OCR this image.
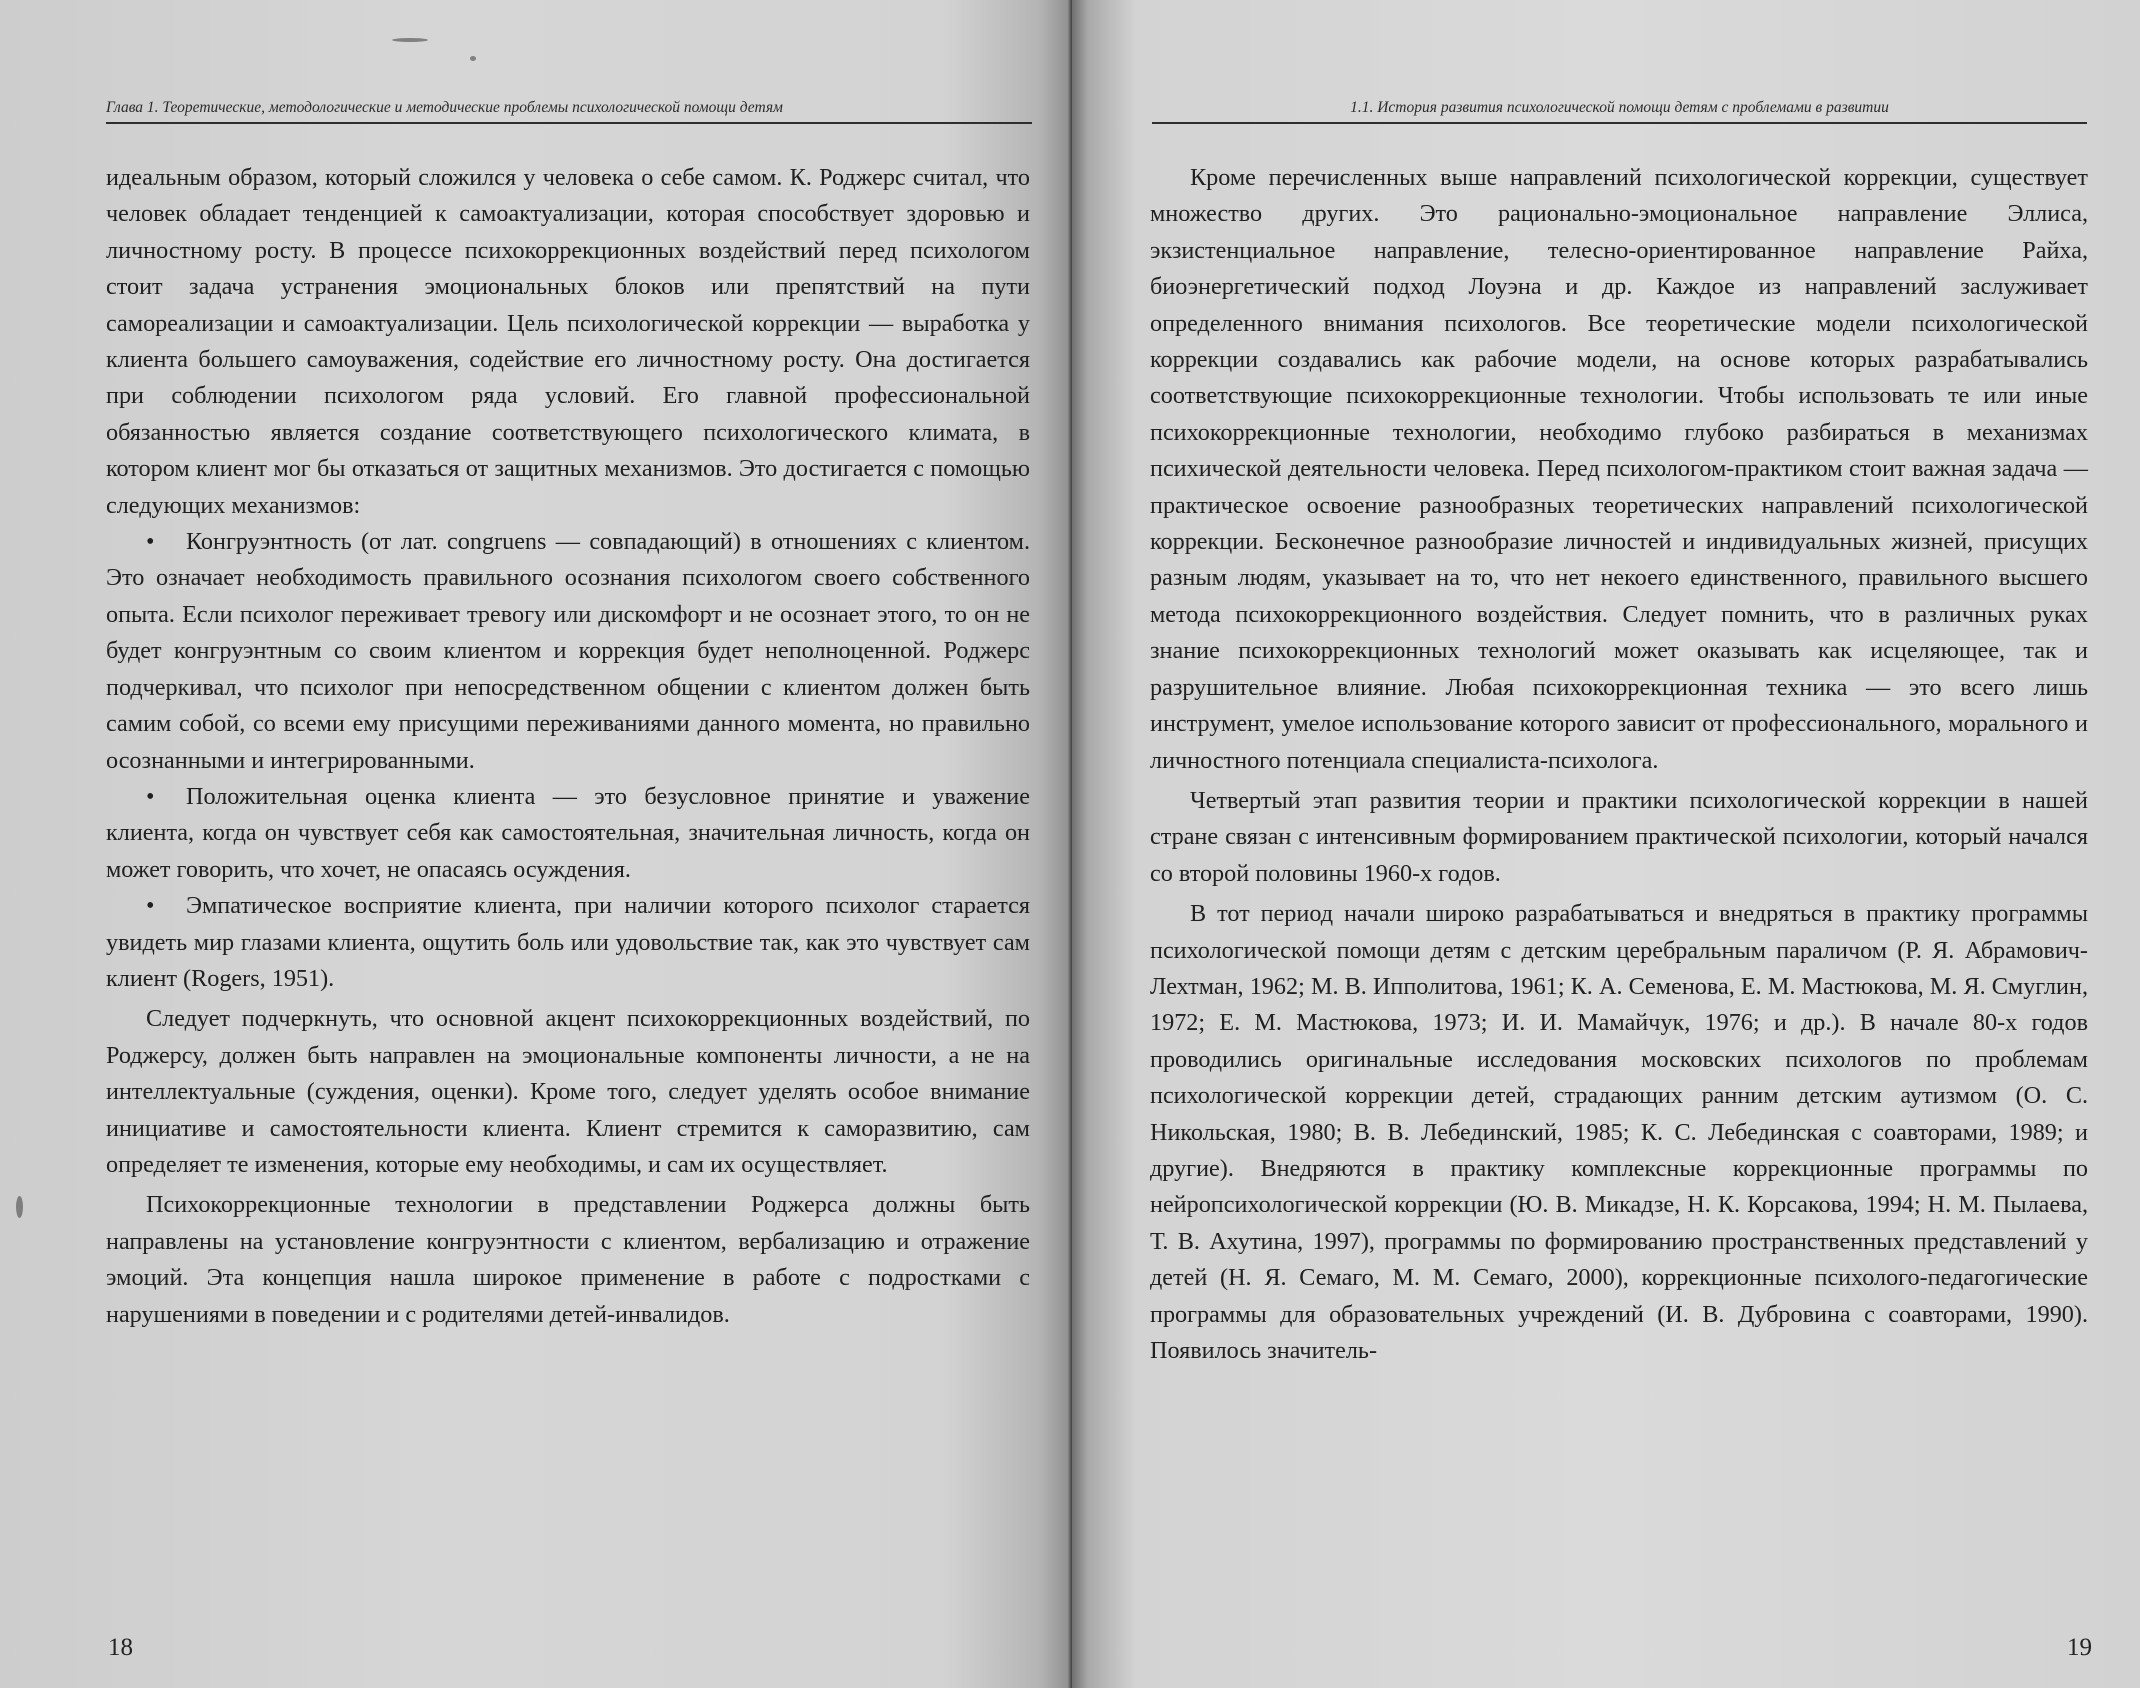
Глава 1. Теоретические, методологические и методические проблемы психологической помощи детям

идеальным образом, который сложился у человека о себе самом. К. Роджерс считал, что человек обладает тенденцией к самоактуализации, которая способствует здоровью и личностному росту. В процессе психокоррекционных воздействий перед психологом стоит задача устранения эмоциональных блоков или препятствий на пути самореализации и самоактуализации. Цель психологической коррекции — выработка у клиента большего самоуважения, содействие его личностному росту. Она достигается при соблюдении психологом ряда условий. Его главной профессиональной обязанностью является создание соответствующего психологического климата, в котором клиент мог бы отказаться от защитных механизмов. Это достигается с помощью следующих механизмов:

• Конгруэнтность (от лат. congruens — совпадающий) в отношениях с клиентом. Это означает необходимость правильного осознания психологом своего собственного опыта. Если психолог переживает тревогу или дискомфорт и не осознает этого, то он не будет конгруэнтным со своим клиентом и коррекция будет неполноценной. Роджерс подчеркивал, что психолог при непосредственном общении с клиентом должен быть самим собой, со всеми ему присущими переживаниями данного момента, но правильно осознанными и интегрированными.

• Положительная оценка клиента — это безусловное принятие и уважение клиента, когда он чувствует себя как самостоятельная, значительная личность, когда он может говорить, что хочет, не опасаясь осуждения.

• Эмпатическое восприятие клиента, при наличии которого психолог старается увидеть мир глазами клиента, ощутить боль или удовольствие так, как это чувствует сам клиент (Rogers, 1951).

Следует подчеркнуть, что основной акцент психокоррекционных воздействий, по Роджерсу, должен быть направлен на эмоциональные компоненты личности, а не на интеллектуальные (суждения, оценки). Кроме того, следует уделять особое внимание инициативе и самостоятельности клиента. Клиент стремится к саморазвитию, сам определяет те изменения, которые ему необходимы, и сам их осуществляет.

Психокоррекционные технологии в представлении Роджерса должны быть направлены на установление конгруэнтности с клиентом, вербализацию и отражение эмоций. Эта концепция нашла широкое применение в работе с подростками с нарушениями в поведении и с родителями детей-инвалидов.

18
1.1. История развития психологической помощи детям с проблемами в развитии

Кроме перечисленных выше направлений психологической коррекции, существует множество других. Это рационально-эмоциональное направление Эллиса, экзистенциальное направление, телесно-ориентированное направление Райха, биоэнергетический подход Лоуэна и др. Каждое из направлений заслуживает определенного внимания психологов. Все теоретические модели психологической коррекции создавались как рабочие модели, на основе которых разрабатывались соответствующие психокоррекционные технологии. Чтобы использовать те или иные психокоррекционные технологии, необходимо глубоко разбираться в механизмах психической деятельности человека. Перед психологом-практиком стоит важная задача — практическое освоение разнообразных теоретических направлений психологической коррекции. Бесконечное разнообразие личностей и индивидуальных жизней, присущих разным людям, указывает на то, что нет некоего единственного, правильного высшего метода психокоррекционного воздействия. Следует помнить, что в различных руках знание психокоррекционных технологий может оказывать как исцеляющее, так и разрушительное влияние. Любая психокоррекционная техника — это всего лишь инструмент, умелое использование которого зависит от профессионального, морального и личностного потенциала специалиста-психолога.

Четвертый этап развития теории и практики психологической коррекции в нашей стране связан с интенсивным формированием практической психологии, который начался со второй половины 1960-х годов.

В тот период начали широко разрабатываться и внедряться в практику программы психологической помощи детям с детским церебральным параличом (Р. Я. Абрамович-Лехтман, 1962; М. В. Ипполитова, 1961; К. А. Семенова, Е. М. Мастюкова, М. Я. Смуглин, 1972; Е. М. Мастюкова, 1973; И. И. Мамайчук, 1976; и др.). В начале 80-х годов проводились оригинальные исследования московских психологов по проблемам психологической коррекции детей, страдающих ранним детским аутизмом (О. С. Никольская, 1980; В. В. Лебединский, 1985; К. С. Лебединская с соавторами, 1989; и другие). Внедряются в практику комплексные коррекционные программы по нейропсихологической коррекции (Ю. В. Микадзе, Н. К. Корсакова, 1994; Н. М. Пылаева, Т. В. Ахутина, 1997), программы по формированию пространственных представлений у детей (Н. Я. Семаго, М. М. Семаго, 2000), коррекционные психолого-педагогические программы для образовательных учреждений (И. В. Дубровина с соавторами, 1990). Появилось значитель-

19
